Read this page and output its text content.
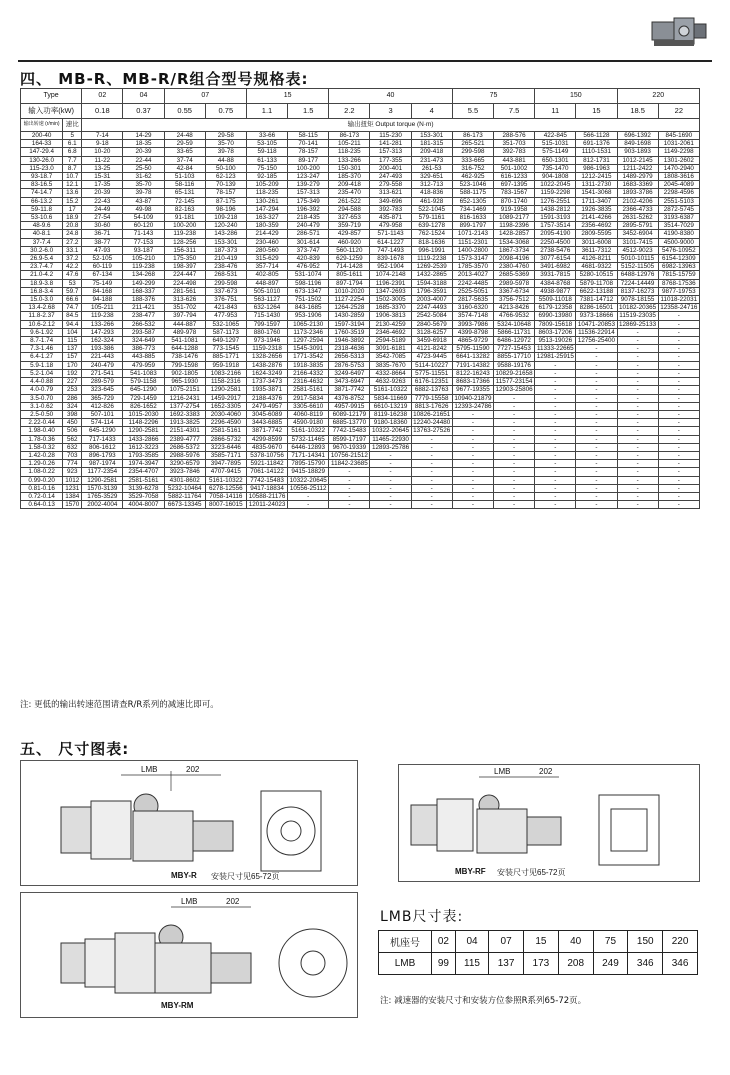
四、 MB-R、MB-R/R组合型号规格表:
Type		02	04	07		15		40			75		150		220	
输入功率(kW)		0.18	0.37	0.55	0.75	1.1	1.5	2.2	3	4	5.5	7.5	11	15	18.5	22
输出转速 (r/min)	速比	输出扭矩 Output torque (N·m)														
200-40	5	7-14	14-29	24-48	29-58	33-66	58-115	86-173	115-230	153-301	86-173	288-576	422-845	566-1128	696-1392	845-1690
164-33	6.1	9-18	18-35	29-59	35-70	53-105	70-141	105-211	141-281	181-315	265-521	351-703	515-1031	691-1376	849-1698	1031-2061
147-29.4	6.8	10-20	20-39	33-65	39-78	59-118	78-157	118-235	157-313	209-418	299-598	392-783	575-1149	1110-1531	903-1893	1149-2298
130-26.0	7.7	11-22	22-44	37-74	44-88	61-133	89-177	133-266	177-355	231-473	333-665	443-881	650-1301	812-1731	1012-2145	1301-2602
115-23.0	8.7	13-25	25-50	42-84	50-100	75-150	100-200	150-301	200-401	261-53	316-752	501-1002	735-1470	986-1963	1211-2422	1470-2940
93-18.7	10.7	15-31	31-62	51-103	62-123	92-185	123-247	185-370	247-493	329-651	462-925	616-1233	904-1808	1212-2415	1489-2979	1808-3616
83-16.5	12.1	17-35	35-70	58-116	70-139	105-209	139-279	209-418	279-558	312-713	523-1046	697-1395	1022-2045	1311-2730	1683-3369	2045-4089
74-14.7	13.6	20-39	39-78	65-131	78-157	118-235	157-313	235-470	313-621	418-836	588-1175	783-1567	1159-2298	1541-3068	1893-3786	2298-4596
66-13.2	15.2	22-43	43-87	72-145	87-175	130-261	175-349	261-522	349-696	461-928	652-1305	870-1740	1276-2551	1711-3407	2102-4206	2551-5103
59-11.8	17	24-49	49-98	82-163	98-196	147-294	196-392	294-588	392-783	522-1045	734-1469	919-1958	1438-2812	1926-3835	2366-4733	2872-5745
53-10.6	18.9	27-54	54-109	91-181	109-218	163-327	218-435	327-653	435-871	579-1161	816-1633	1089-2177	1591-3193	2141-4266	2631-5262	3193-6387
48-9.6	20.8	30-60	60-120	100-200	120-240	180-359	240-479	359-719	479-958	639-1278	899-1797	1198-2396	1757-3514	2356-4692	2895-5791	3514-7029
40-8.1	24.8	36-71	71-143	119-238	143-286	214-429	286-571	429-857	571-1143	762-1524	1071-2143	1428-2857	2095-4190	2809-5595	3452-6904	4190-8380
37-7.4	27.2	38-77	77-153	128-256	153-301	230-460	301-614	460-920	614-1227	818-1636	1151-2301	1534-3068	2250-4500	3011-6008	3101-7415	4500-9000
30.2-6.0	33.1	47-93	93-187	156-311	187-373	280-560	373-747	560-1120	747-1493	996-1991	1400-2800	1867-3734	2738-5476	3611-7312	4512-9023	5476-10952
26.9-5.4	37.2	52-105	105-210	175-350	210-419	315-629	420-839	629-1259	839-1678	1119-2238	1573-3147	2098-4196	3077-6154	4126-8211	5010-10115	6154-12309
23.7-4.7	42.2	60-119	119-238	198-397	238-476	357-714	476-952	714-1428	952-1904	1269-2539	1785-3570	2380-4760	3491-6982	4681-9322	5152-11505	6982-13963
21.0-4.2	47.6	67-134	134-268	224-447	268-531	402-805	531-1074	805-1611	1074-2148	1432-2865	2013-4027	2685-5369	3931-7815	5280-10515	6488-12976	7815-15759
18.9-3.8	53	75-149	149-299	224-498	299-598	448-897	598-1196	897-1794	1196-2391	1594-3188	2242-4485	2989-5978	4384-8768	5879-11708	7224-14449	8768-17536
16.8-3.4	59.7	84-168	168-337	281-561	337-673	505-1010	673-1347	1010-2020	1347-2693	1796-3591	2525-5051	3367-6734	4938-9877	6622-13188	8137-16273	9877-19753
15.0-3.0	66.6	94-188	188-376	313-626	376-751	563-1127	751-1502	1127-2254	1502-3005	2003-4007	2817-5635	3756-7512	5509-11018	7381-14712	9078-18155	11018-22031
13.4-2.68	74.7	105-211	211-421	351-702	421-843	632-1264	843-1685	1264-2528	1685-3370	2247-4493	3160-6320	4213-8426	6179-12358	8286-16501	10182-20365	12358-24716
11.8-2.37	84.5	119-238	238-477	397-794	477-953	715-1430	953-1906	1430-2859	1906-3813	2542-5084	3574-7148	4766-9532	6990-13980	9373-18666	11519-23035	-
10.6-2.12	94.4	133-266	266-532	444-887	532-1065	799-1597	1065-2130	1597-3194	2130-4259	2840-5679	3993-7986	5324-10648	7809-15618	10471-20853	12869-25133	-
9.6-1.92	104	147-293	293-587	489-978	587-1173	880-1760	1173-2346	1760-3519	2346-4692	3128-6257	4399-8798	5866-11731	8603-17206	11536-22914	-	-
8.7-1.74	115	162-324	324-649	541-1081	649-1297	973-1946	1297-2594	1946-3892	2594-5189	3459-6918	4865-9729	6486-12972	9513-19026	12756-25400	-	-
7.3-1.46	137	193-386	386-773	644-1288	773-1545	1159-2318	1545-3091	2318-4636	3091-6181	4121-8242	5795-11590	7727-15453	11333-22665	-	-	-
6.4-1.27	157	221-443	443-885	738-1476	885-1771	1328-2656	1771-3542	2656-5313	3542-7085	4723-9445	6641-13282	8855-17710	12981-25915	-	-	-
5.9-1.18	170	240-479	479-959	799-1598	959-1918	1438-2876	1918-3835	2876-5753	3835-7670	5114-10227	7191-14382	9588-19176	-	-	-	-
5.2-1.04	192	271-541	541-1083	902-1805	1083-2166	1624-3249	2166-4332	3249-6497	4332-8664	5775-11551	8122-16243	10829-21658	-	-	-	-
4.4-0.88	227	289-579	579-1158	965-1930	1158-2316	1737-3473	2316-4632	3473-6947	4632-9263	6176-12351	8683-17366	11577-23154	-	-	-	-
4.0-0.79	253	323-645	645-1290	1075-2151	1290-2581	1935-3871	2581-5161	3871-7742	5161-10322	6882-13763	9677-19355	12903-25806	-	-	-	-
3.5-0.70	286	365-729	729-1459	1216-2431	1459-2917	2188-4376	2917-5834	4376-8752	5834-11669	7779-15558	10940-21879	-	-	-	-	-
3.1-0.62	324	412-826	826-1652	1377-2754	1652-3305	2479-4957	3305-6610	4957-9915	6610-13219	8813-17626	12393-24786	-	-	-	-	-
2.5-0.50	398	507-101	1015-2030	1692-3383	2030-4060	3045-6089	4060-8119	6089-12179	8119-16238	10826-21651	-	-	-	-	-	-
2.22-0.44	450	574-114	1148-2296	1913-3825	2296-4590	3443-6885	4590-9180	6885-13770	9180-18360	12240-24480	-	-	-	-	-	-
1.98-0.40	506	645-1290	1290-2581	2151-4301	2581-5161	3871-7742	5161-10322	7742-15483	10322-20645	13763-27526	-	-	-	-	-	-
1.78-0.36	562	717-1433	1433-2866	2389-4777	2866-5732	4299-8599	5732-11465	8599-17197	11465-22930	-	-	-	-	-	-	-
1.58-0.32	632	806-1612	1612-3223	2686-5372	3223-6446	4835-9670	6446-12893	9670-19339	12893-25786	-	-	-	-	-	-	-
1.42-0.28	703	896-1793	1793-3585	2988-5976	3585-7171	5378-10756	7171-14341	10756-21512	-	-	-	-	-	-	-	-
1.29-0.26	774	987-1974	1974-3947	3290-6579	3947-7895	5921-11842	7895-15790	11842-23685	-	-	-	-	-	-	-	-
1.08-0.22	923	1177-2354	2354-4707	3923-7846	4707-9415	7061-14122	9415-18829	-	-	-	-	-	-	-	-	-
0.99-0.20	1012	1290-2581	2581-5161	4301-8602	5161-10322	7742-15483	10322-20645	-	-	-	-	-	-	-	-	-
0.81-0.16	1231	1570-3139	3139-6278	5232-10464	6278-12556	9417-18834	10556-25112	-	-	-	-	-	-	-	-	-
0.72-0.14	1384	1765-3529	3529-7058	5882-11764	7058-14116	10588-21176	-	-	-	-	-	-	-	-	-	-
0.64-0.13	1570	2002-4004	4004-8007	6673-13345	8007-16015	12011-24023	-	-	-	-	-	-	-	-	-	-
注: 更低的输出转速范围请查R/R系列的减速比即可。
五、 尺寸图表:
LMB	202
MBY-R 安装尺寸见65-72页
LMB	202
MBY-RF 安装尺寸见65-72页
LMB	202
MBY-RM
LMB尺寸表:
机座号	02	04	07	15	40	75	150	220
LMB	99	115	137	173	208	249	346	346
注: 减速器的安装尺寸和安装方位参照R系列65-72页。
